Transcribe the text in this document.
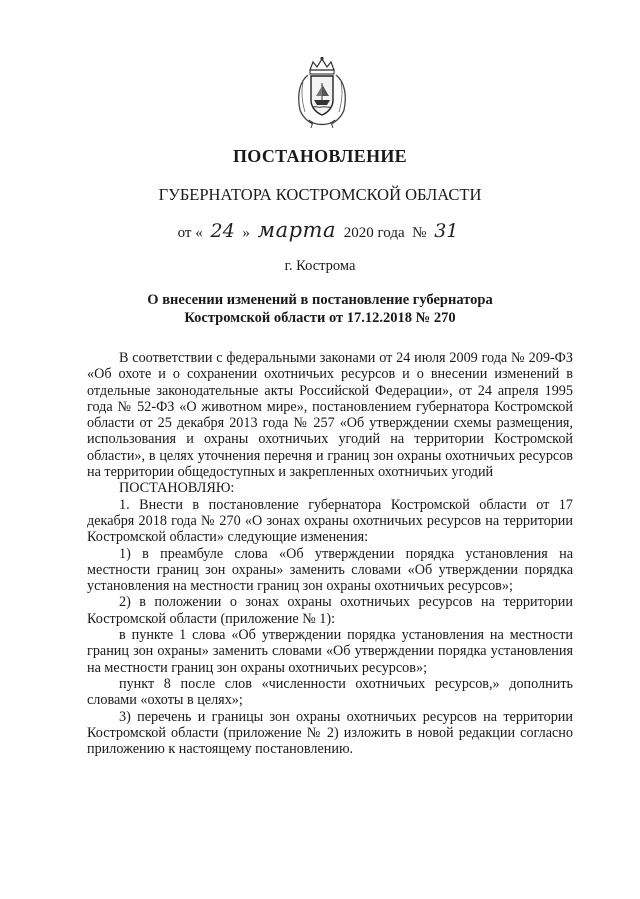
ПОСТАНОВЛЕНИЕ
ГУБЕРНАТОРА КОСТРОМСКОЙ ОБЛАСТИ
от « 24 » марта 2020 года № 31
г. Кострома
О внесении изменений в постановление губернатора
Костромской области от 17.12.2018 № 270

В соответствии с федеральными законами от 24 июля 2009 года № 209-ФЗ «Об охоте и о сохранении охотничьих ресурсов и о внесении изменений в отдельные законодательные акты Российской Федерации», от 24 апреля 1995 года № 52-ФЗ «О животном мире», постановлением губернатора Костромской области от 25 декабря 2013 года № 257 «Об утверждении схемы размещения, использования и охраны охотничьих угодий на территории Костромской области», в целях уточнения перечня и границ зон охраны охотничьих ресурсов на территории общедоступных и закрепленных охотничьих угодий

ПОСТАНОВЛЯЮ:

1. Внести в постановление губернатора Костромской области от 17 декабря 2018 года № 270 «О зонах охраны охотничьих ресурсов на территории Костромской области» следующие изменения:

1) в преамбуле слова «Об утверждении порядка установления на местности границ зон охраны» заменить словами «Об утверждении порядка установления на местности границ зон охраны охотничьих ресурсов»;

2) в положении о зонах охраны охотничьих ресурсов на территории Костромской области (приложение № 1):

в пункте 1 слова «Об утверждении порядка установления на местности границ зон охраны» заменить словами «Об утверждении порядка установления на местности границ зон охраны охотничьих ресурсов»;

пункт 8 после слов «численности охотничьих ресурсов,» дополнить словами «охоты в целях»;

3) перечень и границы зон охраны охотничьих ресурсов на территории Костромской области (приложение № 2) изложить в новой редакции согласно приложению к настоящему постановлению.
